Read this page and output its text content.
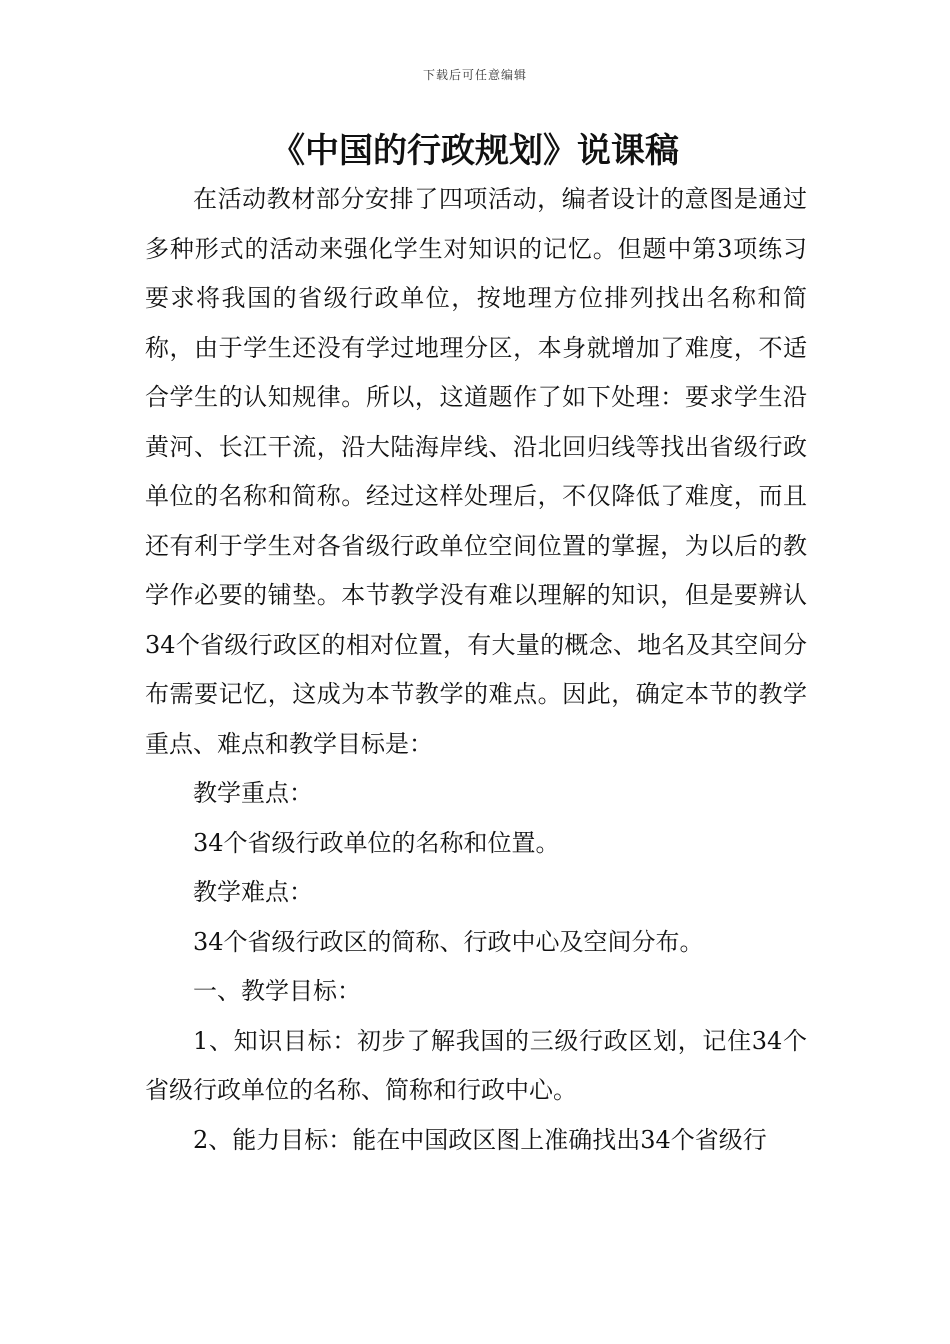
下载后可任意编辑
《中国的行政规划》说课稿

在活动教材部分安排了四项活动，编者设计的意图是通过多种形式的活动来强化学生对知识的记忆。但题中第3项练习要求将我国的省级行政单位，按地理方位排列找出名称和简称，由于学生还没有学过地理分区，本身就增加了难度，不适合学生的认知规律。所以，这道题作了如下处理：要求学生沿黄河、长江干流，沿大陆海岸线、沿北回归线等找出省级行政单位的名称和简称。经过这样处理后，不仅降低了难度，而且还有利于学生对各省级行政单位空间位置的掌握，为以后的教学作必要的铺垫。本节教学没有难以理解的知识，但是要辨认34个省级行政区的相对位置，有大量的概念、地名及其空间分布需要记忆，这成为本节教学的难点。因此，确定本节的教学重点、难点和教学目标是：

教学重点：

34个省级行政单位的名称和位置。

教学难点：

34个省级行政区的简称、行政中心及空间分布。

一、教学目标：

1、知识目标：初步了解我国的三级行政区划，记住34个省级行政单位的名称、简称和行政中心。

2、能力目标：能在中国政区图上准确找出34个省级行
